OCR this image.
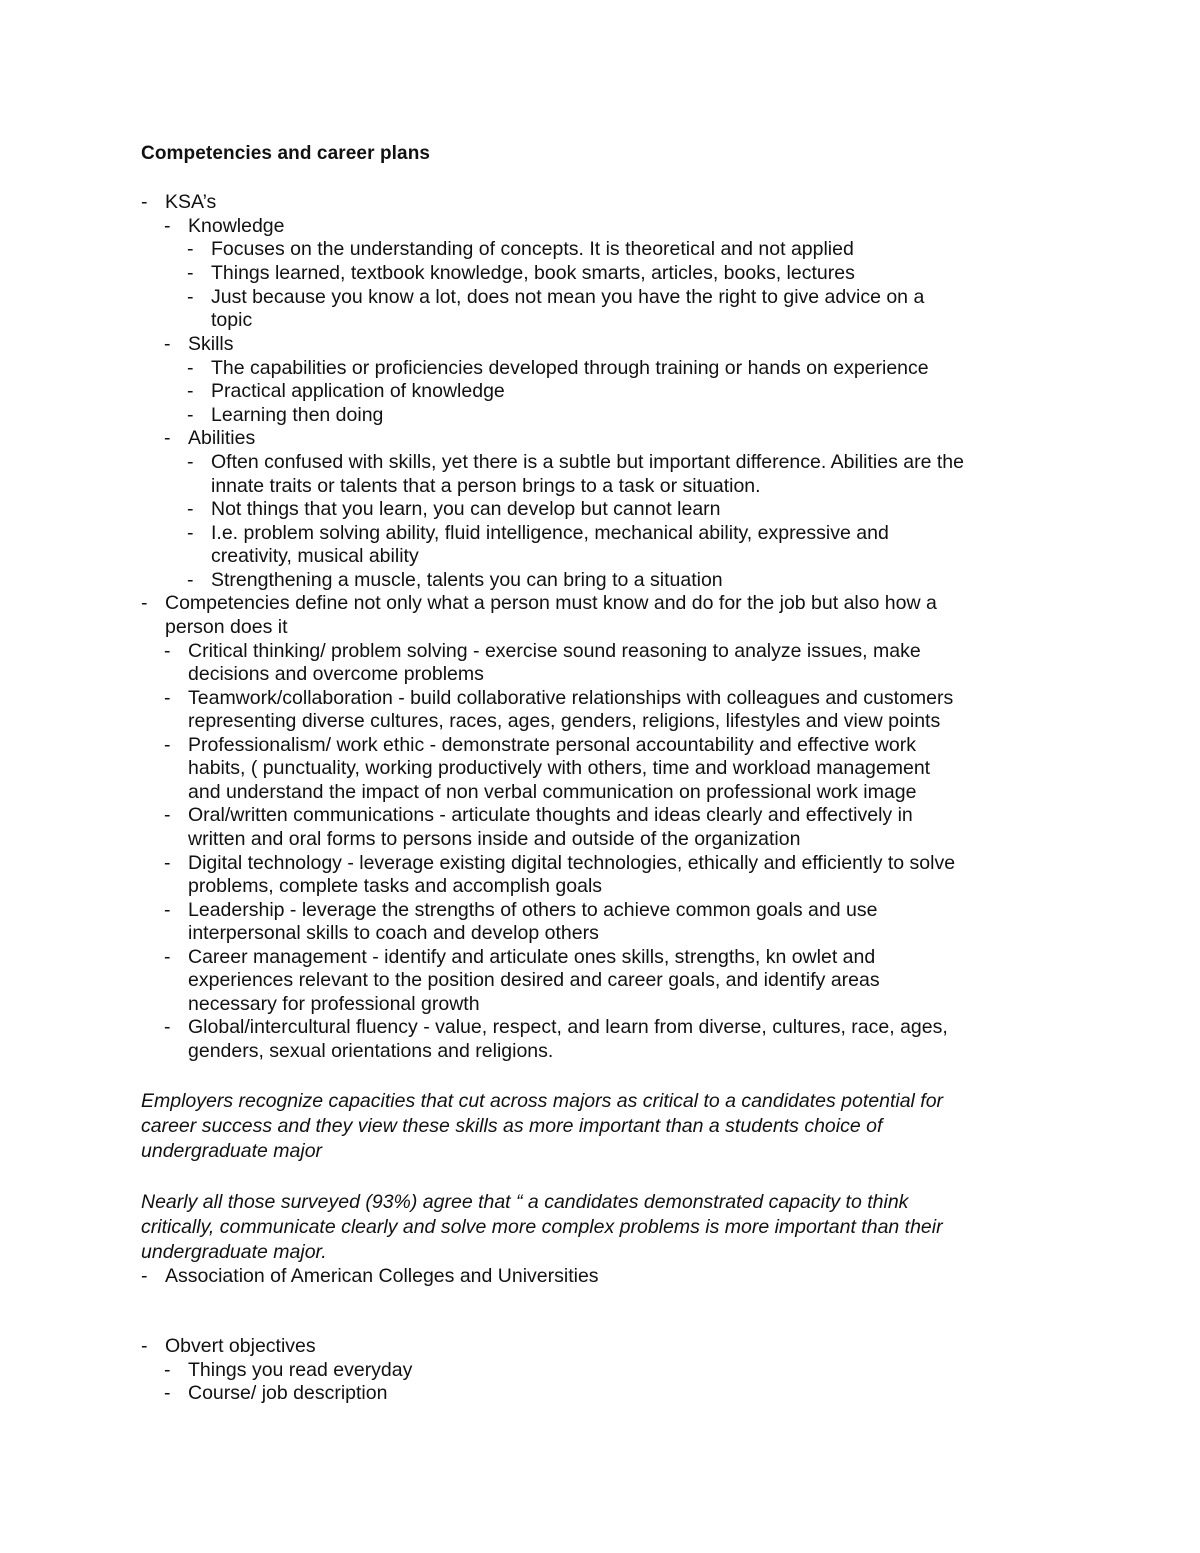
Competencies and career plans
- KSA’s
- Knowledge
- Focuses on the understanding of concepts. It is theoretical and not applied
- Things learned, textbook knowledge, book smarts, articles, books, lectures
- Just because you know a lot, does not mean you have the right to give advice on a
topic
- Skills
- The capabilities or proficiencies developed through training or hands on experience
- Practical application of knowledge
- Learning then doing
- Abilities
- Often confused with skills, yet there is a subtle but important difference. Abilities are the
innate traits or talents that a person brings to a task or situation.
- Not things that you learn, you can develop but cannot learn
- I.e. problem solving ability, fluid intelligence, mechanical ability, expressive and
creativity, musical ability
- Strengthening a muscle, talents you can bring to a situation
- Competencies define not only what a person must know and do for the job but also how a
person does it
- Critical thinking/ problem solving - exercise sound reasoning to analyze issues, make
decisions and overcome problems
- Teamwork/collaboration - build collaborative relationships with colleagues and customers
representing diverse cultures, races, ages, genders, religions, lifestyles and view points
- Professionalism/ work ethic - demonstrate personal accountability and effective work
habits, ( punctuality, working productively with others, time and workload management
and understand the impact of non verbal communication on professional work image
- Oral/written communications - articulate thoughts and ideas clearly and effectively in
written and oral forms to persons inside and outside of the organization
- Digital technology - leverage existing digital technologies, ethically and efficiently to solve
problems, complete tasks and accomplish goals
- Leadership - leverage the strengths of others to achieve common goals and use
interpersonal skills to coach and develop others
- Career management - identify and articulate ones skills, strengths, kn owlet and
experiences relevant to the position desired and career goals, and identify areas
necessary for professional growth
- Global/intercultural fluency - value, respect, and learn from diverse, cultures, race, ages,
genders, sexual orientations and religions.
Employers recognize capacities that cut across majors as critical to a candidates potential for
career success and they view these skills as more important than a students choice of
undergraduate major
Nearly all those surveyed (93%) agree that “ a candidates demonstrated capacity to think
critically, communicate clearly and solve more complex problems is more important than their
undergraduate major.
- Association of American Colleges and Universities
- Obvert objectives
- Things you read everyday
- Course/ job description
